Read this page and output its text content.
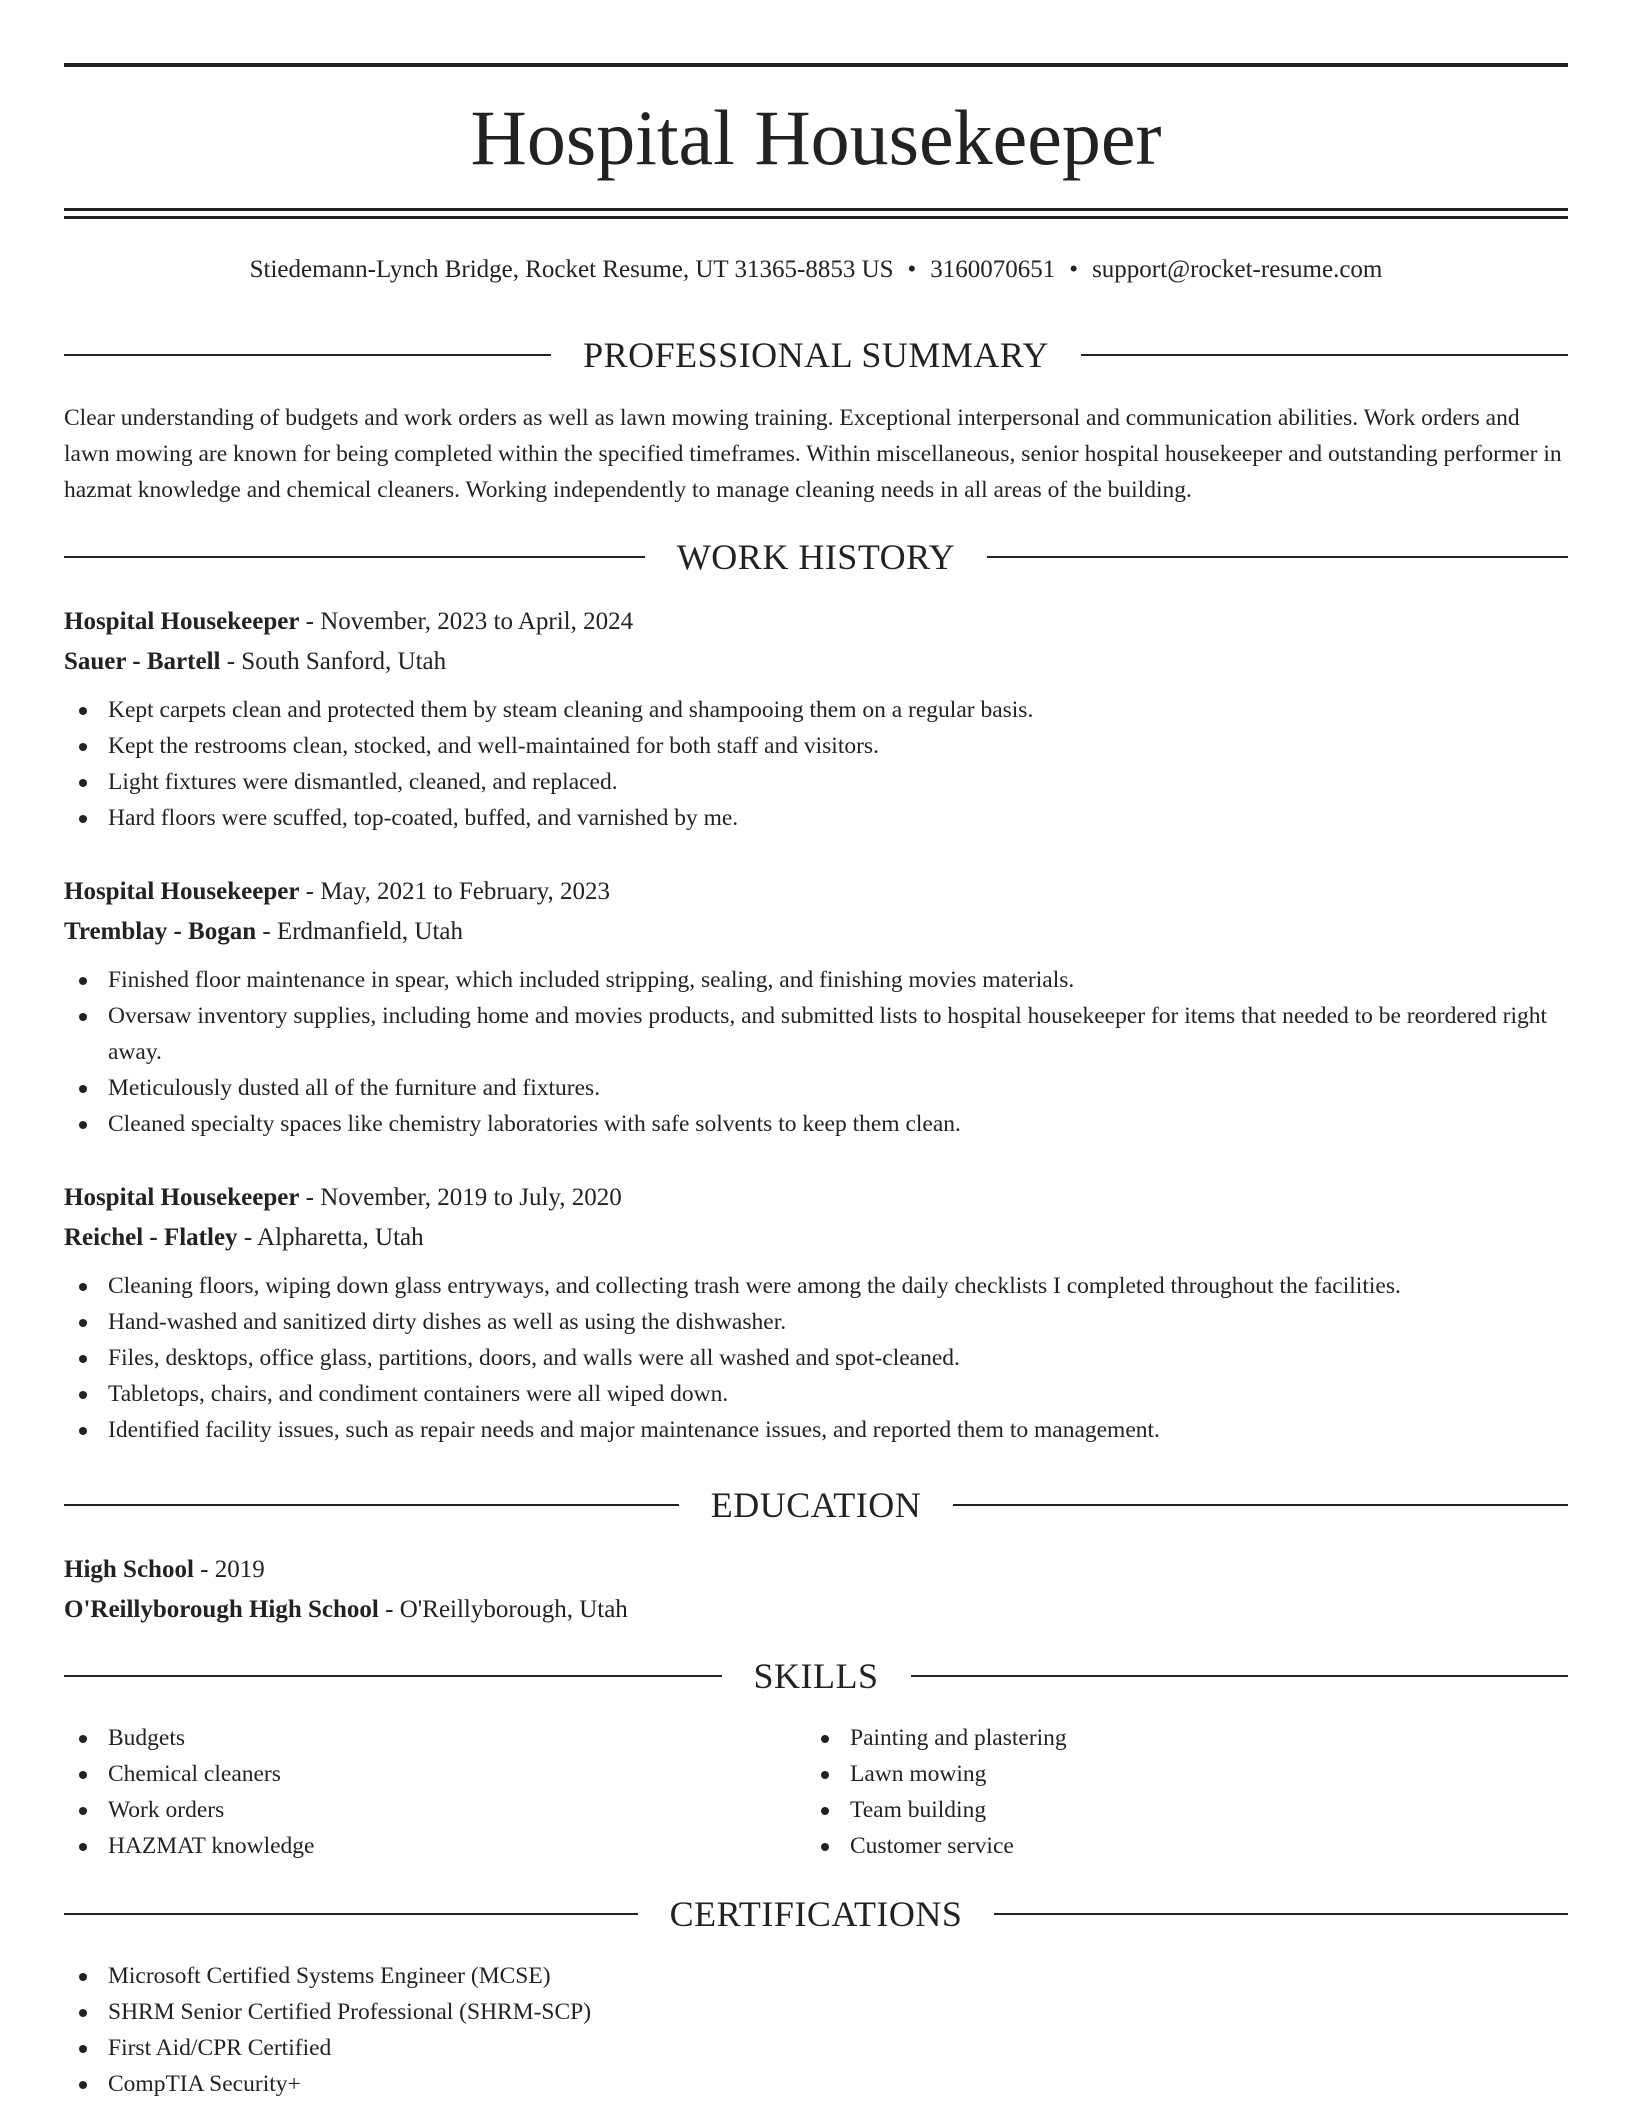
Hospital Housekeeper
Stiedemann-Lynch Bridge, Rocket Resume, UT 31365-8853 US • 3160070651 • support@rocket-resume.com
PROFESSIONAL SUMMARY

Clear understanding of budgets and work orders as well as lawn mowing training. Exceptional interpersonal and communication abilities. Work orders and lawn mowing are known for being completed within the specified timeframes. Within miscellaneous, senior hospital housekeeper and outstanding performer in hazmat knowledge and chemical cleaners. Working independently to manage cleaning needs in all areas of the building.

WORK HISTORY
Hospital Housekeeper - November, 2023 to April, 2024
Sauer - Bartell - South Sanford, Utah
Kept carpets clean and protected them by steam cleaning and shampooing them on a regular basis.
Kept the restrooms clean, stocked, and well-maintained for both staff and visitors.
Light fixtures were dismantled, cleaned, and replaced.
Hard floors were scuffed, top-coated, buffed, and varnished by me.
Hospital Housekeeper - May, 2021 to February, 2023
Tremblay - Bogan - Erdmanfield, Utah
Finished floor maintenance in spear, which included stripping, sealing, and finishing movies materials.
Oversaw inventory supplies, including home and movies products, and submitted lists to hospital housekeeper for items that needed to be reordered right away.
Meticulously dusted all of the furniture and fixtures.
Cleaned specialty spaces like chemistry laboratories with safe solvents to keep them clean.
Hospital Housekeeper - November, 2019 to July, 2020
Reichel - Flatley - Alpharetta, Utah
Cleaning floors, wiping down glass entryways, and collecting trash were among the daily checklists I completed throughout the facilities.
Hand-washed and sanitized dirty dishes as well as using the dishwasher.
Files, desktops, office glass, partitions, doors, and walls were all washed and spot-cleaned.
Tabletops, chairs, and condiment containers were all wiped down.
Identified facility issues, such as repair needs and major maintenance issues, and reported them to management.
EDUCATION
High School - 2019
O'Reillyborough High School - O'Reillyborough, Utah
SKILLS
Budgets
Chemical cleaners
Work orders
HAZMAT knowledge
Painting and plastering
Lawn mowing
Team building
Customer service
CERTIFICATIONS
Microsoft Certified Systems Engineer (MCSE)
SHRM Senior Certified Professional (SHRM-SCP)
First Aid/CPR Certified
CompTIA Security+
